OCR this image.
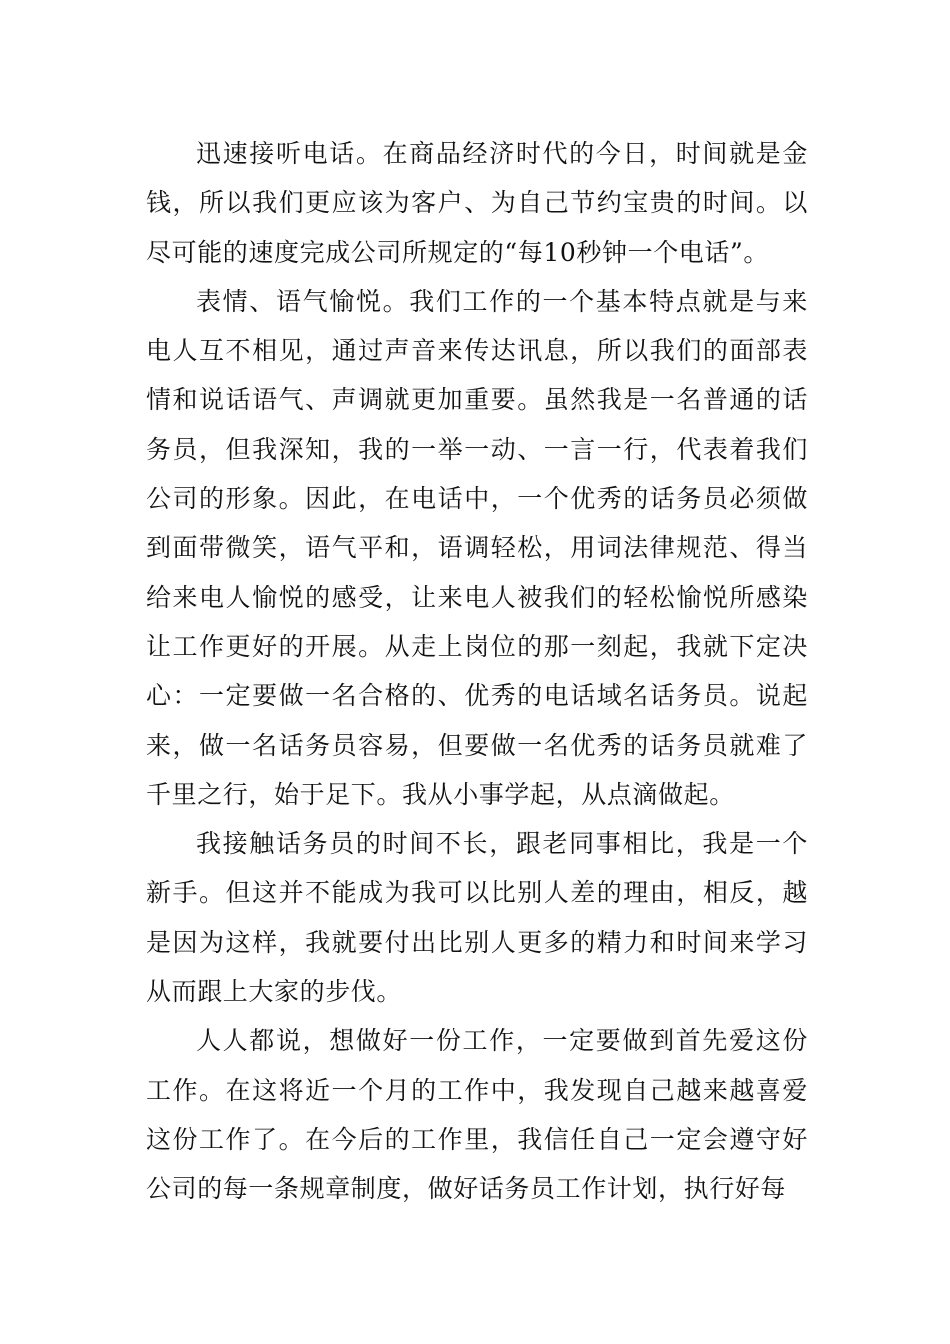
迅速接听电话。在商品经济时代的今日，时间就是金钱，所以我们更应该为客户、为自己节约宝贵的时间。以尽可能的速度完成公司所规定的“每10秒钟一个电话”。

表情、语气愉悦。我们工作的一个基本特点就是与来电人互不相见，通过声音来传达讯息，所以我们的面部表情和说话语气、声调就更加重要。虽然我是一名普通的话务员，但我深知，我的一举一动、一言一行，代表着我们公司的形象。因此，在电话中，一个优秀的话务员必须做到面带微笑，语气平和，语调轻松，用词法律规范、得当给来电人愉悦的感受，让来电人被我们的轻松愉悦所感染让工作更好的开展。从走上岗位的那一刻起，我就下定决心：一定要做一名合格的、优秀的电话域名话务员。说起来，做一名话务员容易，但要做一名优秀的话务员就难了千里之行，始于足下。我从小事学起，从点滴做起。

我接触话务员的时间不长，跟老同事相比，我是一个新手。但这并不能成为我可以比别人差的理由，相反，越是因为这样，我就要付出比别人更多的精力和时间来学习从而跟上大家的步伐。

人人都说，想做好一份工作，一定要做到首先爱这份工作。在这将近一个月的工作中，我发现自己越来越喜爱这份工作了。在今后的工作里，我信任自己一定会遵守好公司的每一条规章制度，做好话务员工作计划，执行好每
